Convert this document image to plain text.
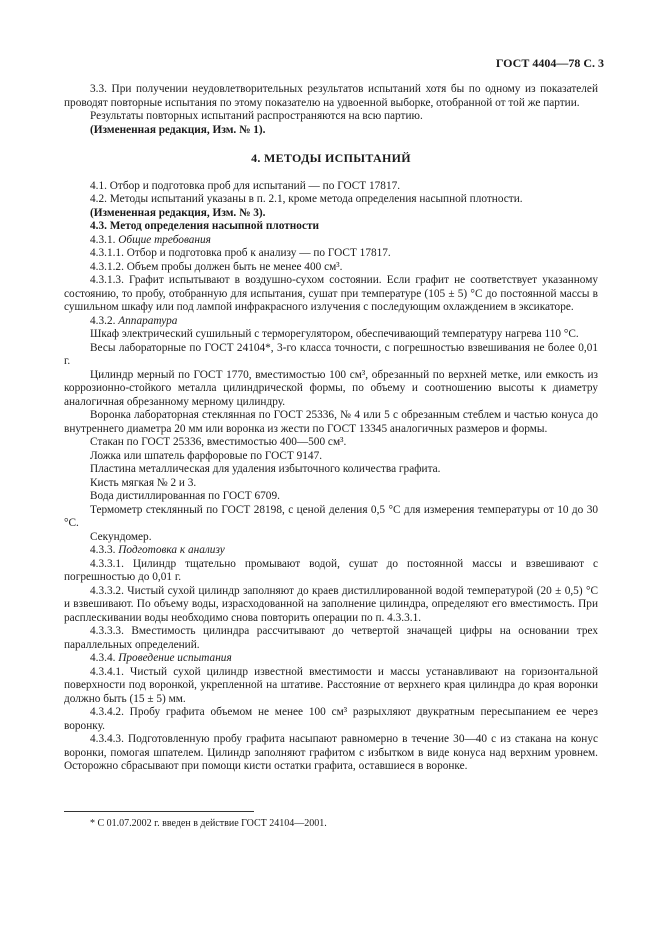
ГОСТ 4404—78 С. 3

3.3. При получении неудовлетворительных результатов испытаний хотя бы по одному из показателей проводят повторные испытания по этому показателю на удвоенной выборке, отобранной от той же партии.

Результаты повторных испытаний распространяются на всю партию.

(Измененная редакция, Изм. № 1).

4. МЕТОДЫ ИСПЫТАНИЙ

4.1. Отбор и подготовка проб для испытаний — по ГОСТ 17817.

4.2. Методы испытаний указаны в п. 2.1, кроме метода определения насыпной плотности.

(Измененная редакция, Изм. № 3).

4.3. Метод определения насыпной плотности

4.3.1. Общие требования

4.3.1.1. Отбор и подготовка проб к анализу — по ГОСТ 17817.

4.3.1.2. Объем пробы должен быть не менее 400 см³.

4.3.1.3. Графит испытывают в воздушно-сухом состоянии. Если графит не соответствует указанному состоянию, то пробу, отобранную для испытания, сушат при температуре (105 ± 5) °С до постоянной массы в сушильном шкафу или под лампой инфракрасного излучения с последующим охлаждением в эксикаторе.

4.3.2. Аппаратура

Шкаф электрический сушильный с терморегулятором, обеспечивающий температуру нагрева 110 °С.

Весы лабораторные по ГОСТ 24104*, 3-го класса точности, с погрешностью взвешивания не более 0,01 г.

Цилиндр мерный по ГОСТ 1770, вместимостью 100 см³, обрезанный по верхней метке, или емкость из коррозионно-стойкого металла цилиндрической формы, по объему и соотношению высоты к диаметру аналогичная обрезанному мерному цилиндру.

Воронка лабораторная стеклянная по ГОСТ 25336, № 4 или 5 с обрезанным стеблем и частью конуса до внутреннего диаметра 20 мм или воронка из жести по ГОСТ 13345 аналогичных размеров и формы.

Стакан по ГОСТ 25336, вместимостью 400—500 см³.

Ложка или шпатель фарфоровые по ГОСТ 9147.

Пластина металлическая для удаления избыточного количества графита.

Кисть мягкая № 2 и 3.

Вода дистиллированная по ГОСТ 6709.

Термометр стеклянный по ГОСТ 28198, с ценой деления 0,5 °С для измерения температуры от 10 до 30 °С.

Секундомер.

4.3.3. Подготовка к анализу

4.3.3.1. Цилиндр тщательно промывают водой, сушат до постоянной массы и взвешивают с погрешностью до 0,01 г.

4.3.3.2. Чистый сухой цилиндр заполняют до краев дистиллированной водой температурой (20 ± 0,5) °С и взвешивают. По объему воды, израсходованной на заполнение цилиндра, определяют его вместимость. При расплескивании воды необходимо снова повторить операции по п. 4.3.3.1.

4.3.3.3. Вместимость цилиндра рассчитывают до четвертой значащей цифры на основании трех параллельных определений.

4.3.4. Проведение испытания

4.3.4.1. Чистый сухой цилиндр известной вместимости и массы устанавливают на горизонтальной поверхности под воронкой, укрепленной на штативе. Расстояние от верхнего края цилиндра до края воронки должно быть (15 ± 5) мм.

4.3.4.2. Пробу графита объемом не менее 100 см³ разрыхляют двукратным пересыпанием ее через воронку.

4.3.4.3. Подготовленную пробу графита насыпают равномерно в течение 30—40 с из стакана на конус воронки, помогая шпателем. Цилиндр заполняют графитом с избытком в виде конуса над верхним уровнем. Осторожно сбрасывают при помощи кисти остатки графита, оставшиеся в воронке.

* С 01.07.2002 г. введен в действие ГОСТ 24104—2001.
